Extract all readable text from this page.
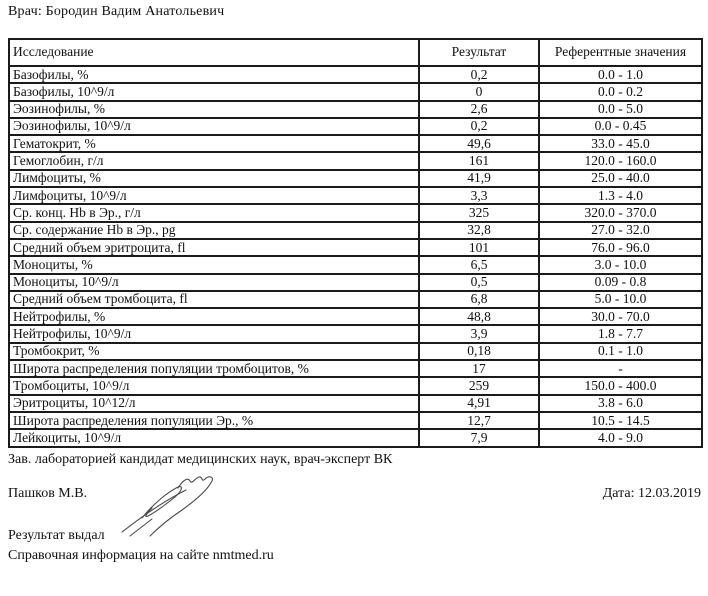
Врач: Бородин Вадим Анатольевич
Исследование	Результат	Референтные значения
Базофилы, %	0,2	0.0 - 1.0
Базофилы, 10^9/л	0	0.0 - 0.2
Эозинофилы, %	2,6	0.0 - 5.0
Эозинофилы, 10^9/л	0,2	0.0 - 0.45
Гематокрит, %	49,6	33.0 - 45.0
Гемоглобин, г/л	161	120.0 - 160.0
Лимфоциты, %	41,9	25.0 - 40.0
Лимфоциты, 10^9/л	3,3	1.3 - 4.0
Ср. конц. Hb в Эр., г/л	325	320.0 - 370.0
Ср. содержание Hb в Эр., pg	32,8	27.0 - 32.0
Средний объем эритроцита, fl	101	76.0 - 96.0
Моноциты, %	6,5	3.0 - 10.0
Моноциты, 10^9/л	0,5	0.09 - 0.8
Средний объем тромбоцита, fl	6,8	5.0 - 10.0
Нейтрофилы, %	48,8	30.0 - 70.0
Нейтрофилы, 10^9/л	3,9	1.8 - 7.7
Тромбокрит, %	0,18	0.1 - 1.0
Широта распределения популяции тромбоцитов, %	17	-
Тромбоциты, 10^9/л	259	150.0 - 400.0
Эритроциты, 10^12/л	4,91	3.8 - 6.0
Широта распределения популяции Эр., %	12,7	10.5 - 14.5
Лейкоциты, 10^9/л	7,9	4.0 - 9.0
Зав. лабораторией кандидат медицинских наук, врач-эксперт ВК
Пашков М.В.	Дата: 12.03.2019
Результат выдал
Справочная информация на сайте nmtmed.ru
